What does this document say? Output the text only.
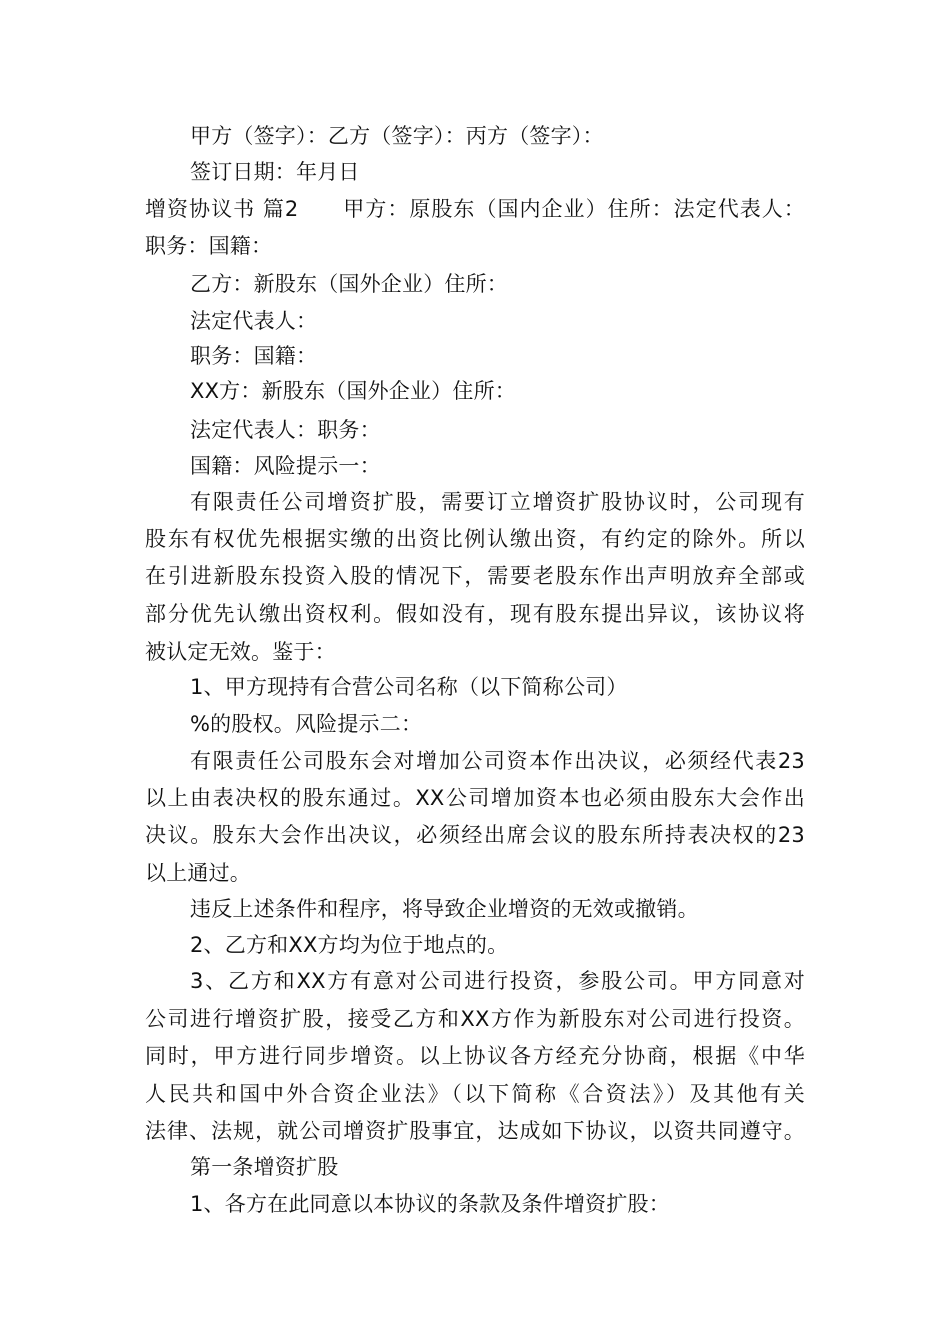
甲方（签字）：乙方（签字）：丙方（签字）：
签订日期：年月日
增资协议书 篇2　　甲方：原股东（国内企业）住所：法定代表人：
职务：国籍：
乙方：新股东（国外企业）住所：
法定代表人：
职务：国籍：
XX方：新股东（国外企业）住所：
法定代表人：职务：
国籍：风险提示一：
有限责任公司增资扩股，需要订立增资扩股协议时，公司现有
股东有权优先根据实缴的出资比例认缴出资，有约定的除外。所以
在引进新股东投资入股的情况下，需要老股东作出声明放弃全部或
部分优先认缴出资权利。假如没有，现有股东提出异议，该协议将
被认定无效。鉴于：
1、甲方现持有合营公司名称（以下简称公司）
%的股权。风险提示二：
有限责任公司股东会对增加公司资本作出决议，必须经代表23
以上由表决权的股东通过。XX公司增加资本也必须由股东大会作出
决议。股东大会作出决议，必须经出席会议的股东所持表决权的23
以上通过。
违反上述条件和程序，将导致企业增资的无效或撤销。
2、乙方和XX方均为位于地点的。
3、乙方和XX方有意对公司进行投资，参股公司。甲方同意对
公司进行增资扩股，接受乙方和XX方作为新股东对公司进行投资。
同时，甲方进行同步增资。以上协议各方经充分协商，根据《中华
人民共和国中外合资企业法》（以下简称《合资法》）及其他有关
法律、法规，就公司增资扩股事宜，达成如下协议，以资共同遵守。
第一条增资扩股
1、各方在此同意以本协议的条款及条件增资扩股：
